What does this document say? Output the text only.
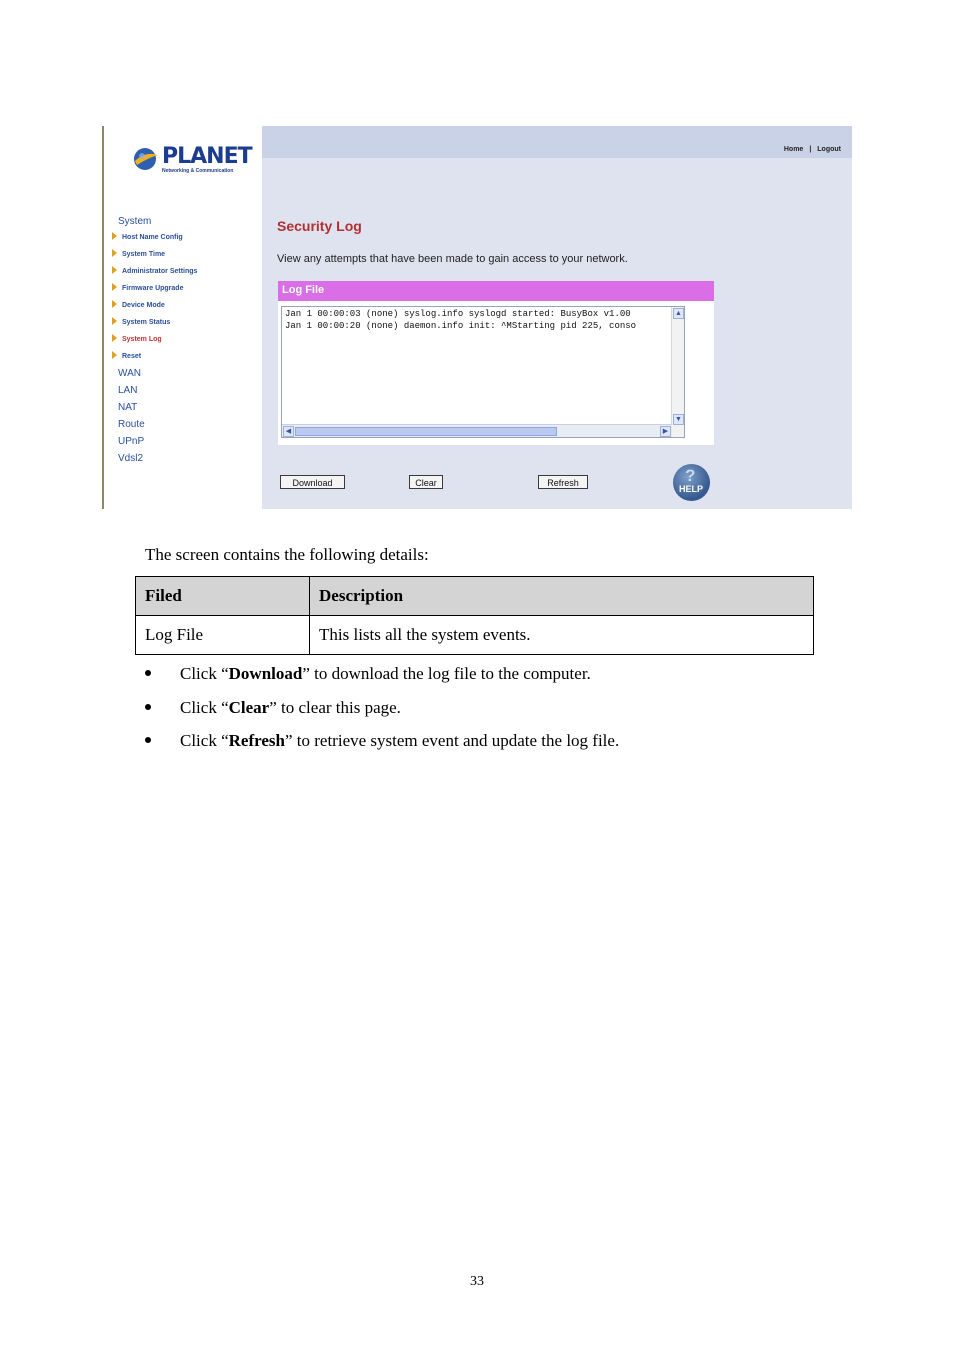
PLANET
Networking & Communication
System
Host Name Config
System Time
Administrator Settings
Firmware Upgrade
Device Mode
System Status
System Log
Reset
WAN
LAN
NAT
Route
UPnP
Vdsl2
Home | Logout
Security Log
View any attempts that have been made to gain access to your network.
Log File
Jan 1 00:00:03 (none) syslog.info syslogd started: BusyBox v1.00
Jan 1 00:00:20 (none) daemon.info init: ^MStarting pid 225, conso
▲
▼
◀	▶
Download	Clear	Refresh	?
HELP
The screen contains the following details:
Filed	Description
Log File	This lists all the system events.
Click “Download” to download the log file to the computer.
Click “Clear” to clear this page.
Click “Refresh” to retrieve system event and update the log file.
33
